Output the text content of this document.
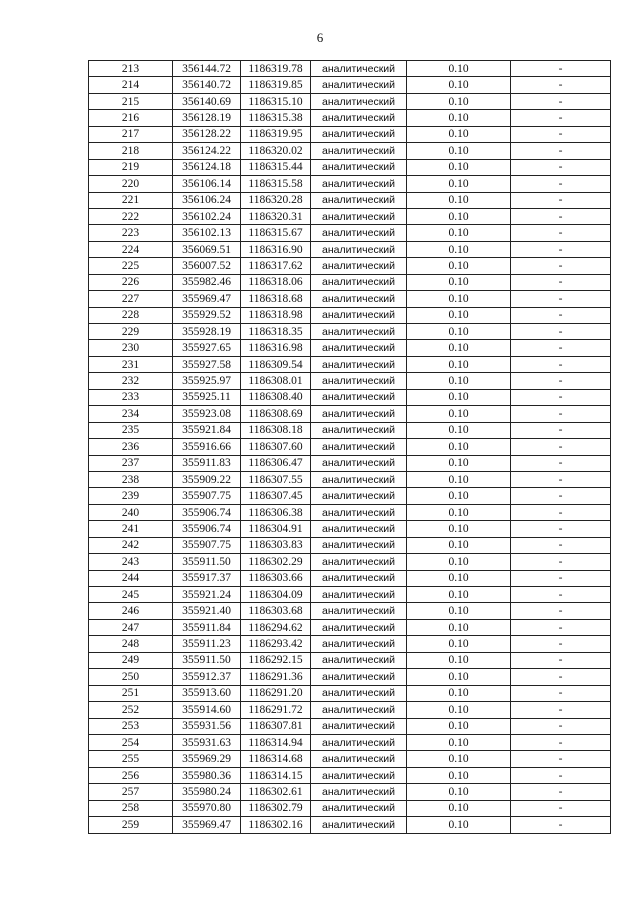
6
213	356144.72	1186319.78	аналитический	0.10	-
214	356140.72	1186319.85	аналитический	0.10	-
215	356140.69	1186315.10	аналитический	0.10	-
216	356128.19	1186315.38	аналитический	0.10	-
217	356128.22	1186319.95	аналитический	0.10	-
218	356124.22	1186320.02	аналитический	0.10	-
219	356124.18	1186315.44	аналитический	0.10	-
220	356106.14	1186315.58	аналитический	0.10	-
221	356106.24	1186320.28	аналитический	0.10	-
222	356102.24	1186320.31	аналитический	0.10	-
223	356102.13	1186315.67	аналитический	0.10	-
224	356069.51	1186316.90	аналитический	0.10	-
225	356007.52	1186317.62	аналитический	0.10	-
226	355982.46	1186318.06	аналитический	0.10	-
227	355969.47	1186318.68	аналитический	0.10	-
228	355929.52	1186318.98	аналитический	0.10	-
229	355928.19	1186318.35	аналитический	0.10	-
230	355927.65	1186316.98	аналитический	0.10	-
231	355927.58	1186309.54	аналитический	0.10	-
232	355925.97	1186308.01	аналитический	0.10	-
233	355925.11	1186308.40	аналитический	0.10	-
234	355923.08	1186308.69	аналитический	0.10	-
235	355921.84	1186308.18	аналитический	0.10	-
236	355916.66	1186307.60	аналитический	0.10	-
237	355911.83	1186306.47	аналитический	0.10	-
238	355909.22	1186307.55	аналитический	0.10	-
239	355907.75	1186307.45	аналитический	0.10	-
240	355906.74	1186306.38	аналитический	0.10	-
241	355906.74	1186304.91	аналитический	0.10	-
242	355907.75	1186303.83	аналитический	0.10	-
243	355911.50	1186302.29	аналитический	0.10	-
244	355917.37	1186303.66	аналитический	0.10	-
245	355921.24	1186304.09	аналитический	0.10	-
246	355921.40	1186303.68	аналитический	0.10	-
247	355911.84	1186294.62	аналитический	0.10	-
248	355911.23	1186293.42	аналитический	0.10	-
249	355911.50	1186292.15	аналитический	0.10	-
250	355912.37	1186291.36	аналитический	0.10	-
251	355913.60	1186291.20	аналитический	0.10	-
252	355914.60	1186291.72	аналитический	0.10	-
253	355931.56	1186307.81	аналитический	0.10	-
254	355931.63	1186314.94	аналитический	0.10	-
255	355969.29	1186314.68	аналитический	0.10	-
256	355980.36	1186314.15	аналитический	0.10	-
257	355980.24	1186302.61	аналитический	0.10	-
258	355970.80	1186302.79	аналитический	0.10	-
259	355969.47	1186302.16	аналитический	0.10	-
